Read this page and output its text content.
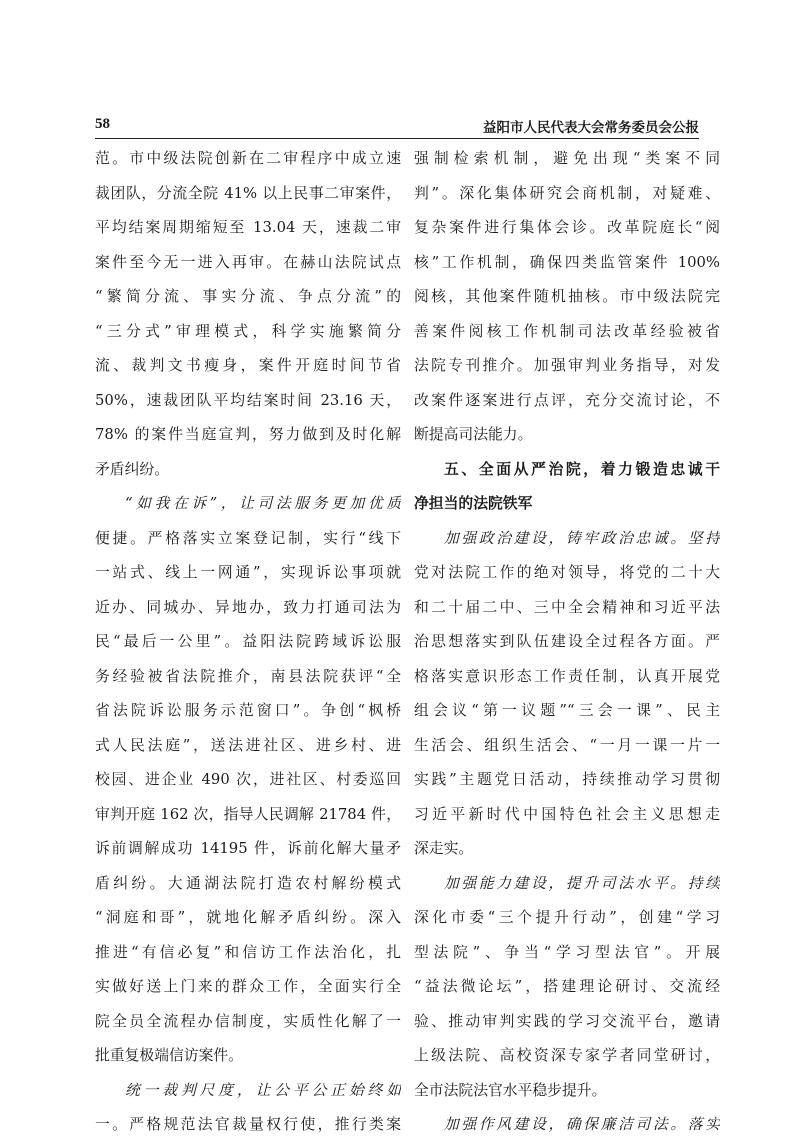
58	益阳市人民代表大会常务委员会公报
范。市中级法院创新在二审程序中成立速
裁团队，分流全院 41% 以上民事二审案件，
平均结案周期缩短至 13.04 天，速裁二审
案件至今无一进入再审。在赫山法院试点
“繁简分流、事实分流、争点分流”的
“三分式”审理模式，科学实施繁简分
流、裁判文书瘦身，案件开庭时间节省
50%，速裁团队平均结案时间 23.16 天，
78% 的案件当庭宣判，努力做到及时化解
矛盾纠纷。
“如我在诉”，让司法服务更加优质
便捷。严格落实立案登记制，实行“线下
一站式、线上一网通”，实现诉讼事项就
近办、同城办、异地办，致力打通司法为
民“最后一公里”。益阳法院跨域诉讼服
务经验被省法院推介，南县法院获评“全
省法院诉讼服务示范窗口”。争创“枫桥
式人民法庭”，送法进社区、进乡村、进
校园、进企业 490 次，进社区、村委巡回
审判开庭 162 次，指导人民调解 21784 件，
诉前调解成功 14195 件，诉前化解大量矛
盾纠纷。大通湖法院打造农村解纷模式
“洞庭和哥”，就地化解矛盾纠纷。深入
推进“有信必复”和信访工作法治化，扎
实做好送上门来的群众工作，全面实行全
院全员全流程办信制度，实质性化解了一
批重复极端信访案件。
统一裁判尺度，让公平公正始终如
一。严格规范法官裁量权行使，推行类案
强制检索机制，避免出现“类案不同
判”。深化集体研究会商机制，对疑难、
复杂案件进行集体会诊。改革院庭长“阅
核”工作机制，确保四类监管案件 100%
阅核，其他案件随机抽核。市中级法院完
善案件阅核工作机制司法改革经验被省
法院专刊推介。加强审判业务指导，对发
改案件逐案进行点评，充分交流讨论，不
断提高司法能力。
五、全面从严治院，着力锻造忠诚干
净担当的法院铁军
加强政治建设，铸牢政治忠诚。坚持
党对法院工作的绝对领导，将党的二十大
和二十届二中、三中全会精神和习近平法
治思想落实到队伍建设全过程各方面。严
格落实意识形态工作责任制，认真开展党
组会议“第一议题”“三会一课”、民主
生活会、组织生活会、“一月一课一片一
实践”主题党日活动，持续推动学习贯彻
习近平新时代中国特色社会主义思想走
深走实。
加强能力建设，提升司法水平。持续
深化市委“三个提升行动”，创建“学习
型法院”、争当“学习型法官”。开展
“益法微论坛”，搭建理论研讨、交流经
验、推动审判实践的学习交流平台，邀请
上级法院、高校资深专家学者同堂研讨，
全市法院法官水平稳步提升。
加强作风建设，确保廉洁司法。落实
